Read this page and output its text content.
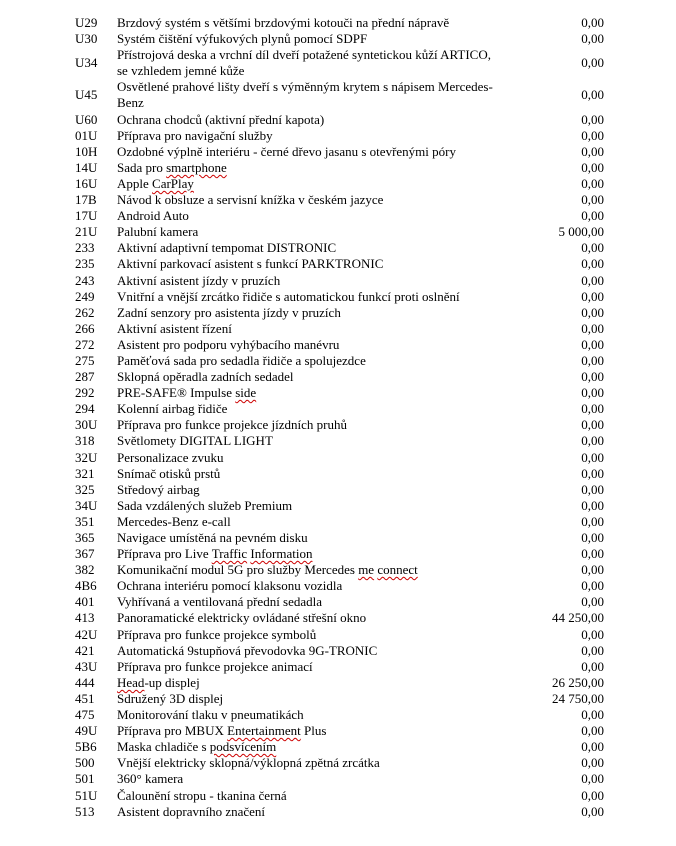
U29	Brzdový systém s většími brzdovými kotouči na přední nápravě	0,00
U30	Systém čištění výfukových plynů pomocí SDPF	0,00
U34	Přístrojová deska a vrchní díl dveří potažené syntetickou kůží ARTICO,
se vzhledem jemné kůže	0,00
U45	Osvětlené prahové lišty dveří s výměnným krytem s nápisem Mercedes-
Benz	0,00
U60	Ochrana chodců (aktivní přední kapota)	0,00
01U	Příprava pro navigační služby	0,00
10H	Ozdobné výplně interiéru - černé dřevo jasanu s otevřenými póry	0,00
14U	Sada pro smartphone	0,00
16U	Apple CarPlay	0,00
17B	Návod k obsluze a servisní knížka v českém jazyce	0,00
17U	Android Auto	0,00
21U	Palubní kamera	5 000,00
233	Aktivní adaptivní tempomat DISTRONIC	0,00
235	Aktivní parkovací asistent s funkcí PARKTRONIC	0,00
243	Aktivní asistent jízdy v pruzích	0,00
249	Vnitřní a vnější zrcátko řidiče s automatickou funkcí proti oslnění	0,00
262	Zadní senzory pro asistenta jízdy v pruzích	0,00
266	Aktivní asistent řízení	0,00
272	Asistent pro podporu vyhýbacího manévru	0,00
275	Paměťová sada pro sedadla řidiče a spolujezdce	0,00
287	Sklopná opěradla zadních sedadel	0,00
292	PRE-SAFE® Impulse side	0,00
294	Kolenní airbag řidiče	0,00
30U	Příprava pro funkce projekce jízdních pruhů	0,00
318	Světlomety DIGITAL LIGHT	0,00
32U	Personalizace zvuku	0,00
321	Snímač otisků prstů	0,00
325	Středový airbag	0,00
34U	Sada vzdálených služeb Premium	0,00
351	Mercedes-Benz e-call	0,00
365	Navigace umístěná na pevném disku	0,00
367	Příprava pro Live Traffic Information	0,00
382	Komunikační modul 5G pro služby Mercedes me connect	0,00
4B6	Ochrana interiéru pomocí klaksonu vozidla	0,00
401	Vyhřívaná a ventilovaná přední sedadla	0,00
413	Panoramatické elektricky ovládané střešní okno	44 250,00
42U	Příprava pro funkce projekce symbolů	0,00
421	Automatická 9stupňová převodovka 9G-TRONIC	0,00
43U	Příprava pro funkce projekce animací	0,00
444	Head-up displej	26 250,00
451	Sdružený 3D displej	24 750,00
475	Monitorování tlaku v pneumatikách	0,00
49U	Příprava pro MBUX Entertainment Plus	0,00
5B6	Maska chladiče s podsvícením	0,00
500	Vnější elektricky sklopná/výklopná zpětná zrcátka	0,00
501	360° kamera	0,00
51U	Čalounění stropu - tkanina černá	0,00
513	Asistent dopravního značení	0,00
